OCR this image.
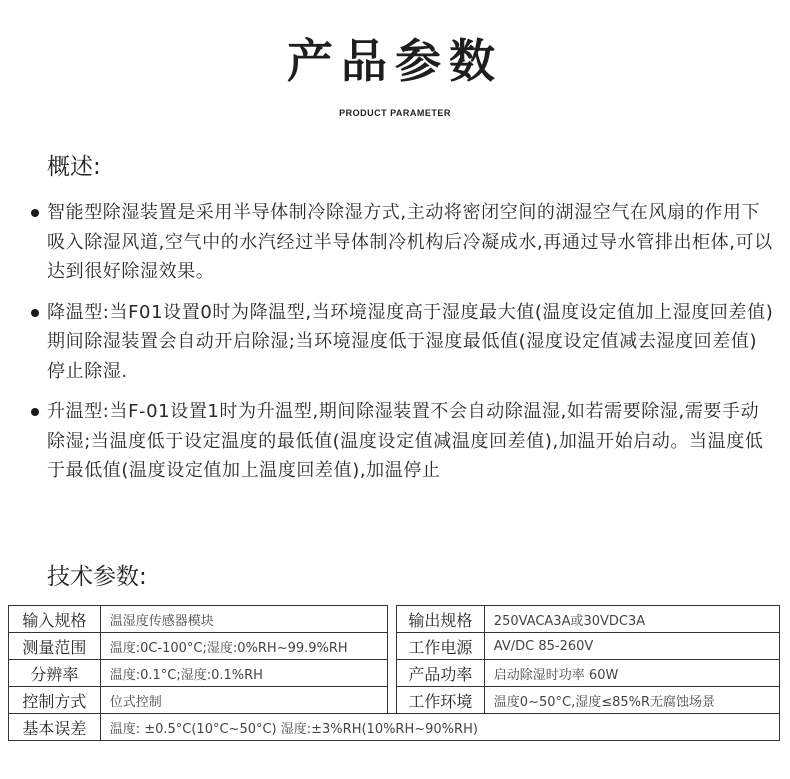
产品参数
PRODUCT PARAMETER
概述:
智能型除湿装置是采用半导体制冷除湿方式,主动将密闭空间的湖湿空气在风扇的作用下吸入除湿风道,空气中的水汽经过半导体制冷机构后冷凝成水,再通过导水管排出柜体,可以达到很好除湿效果。
降温型:当F01设置0时为降温型,当环境湿度高于湿度最大值(温度设定值加上湿度回差值)期间除湿装置会自动开启除湿;当环境湿度低于湿度最低值(湿度设定值减去湿度回差值)停止除湿.
升温型:当F-01设置1时为升温型,期间除湿装置不会自动除温湿,如若需要除湿,需要手动除湿;当温度低于设定温度的最低值(温度设定值减温度回差值),加温开始启动。当温度低于最低值(温度设定值加上温度回差值),加温停止
技术参数:
输入规格	温湿度传感器模块		输出规格	250VACA3A或30VDC3A
测量范围	温度:0C-100°C;湿度:0%RH~99.9%RH		工作电源	AV/DC 85-260V
分辨率	温度:0.1°C;湿度:0.1%RH		产品功率	启动除湿时功率 60W
控制方式	位式控制		工作环境	温度0~50°C,湿度≤85%R无腐蚀场景
基本误差	温度: ±0.5°C(10°C~50°C) 湿度:±3%RH(10%RH~90%RH)			
